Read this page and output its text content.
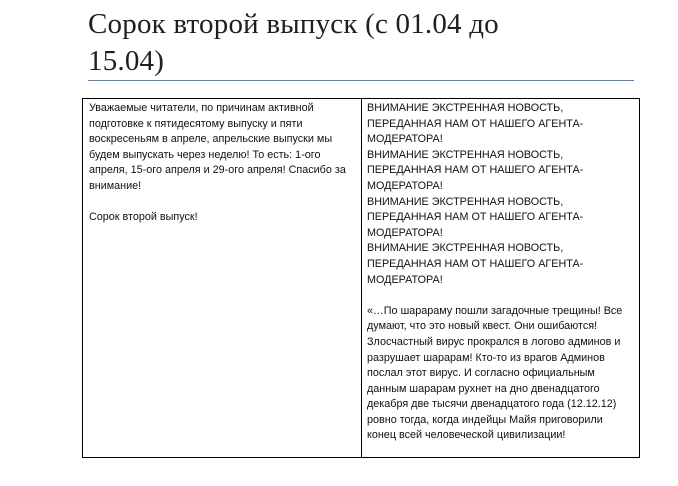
Сорок второй выпуск (с 01.04 до
15.04)

Уважаемые читатели, по причинам активной подготовке к пятидесятому выпуску и пяти воскресеньям в апреле, апрельские выпуски мы будем выпускать через неделю! То есть: 1-ого апреля, 15-ого апреля и 29-ого апреля! Спасибо за внимание!

Сорок второй выпуск!

ВНИМАНИЕ ЭКСТРЕННАЯ НОВОСТЬ, ПЕРЕДАННАЯ НАМ ОТ НАШЕГО АГЕНТА-МОДЕРАТОРА!

ВНИМАНИЕ ЭКСТРЕННАЯ НОВОСТЬ, ПЕРЕДАННАЯ НАМ ОТ НАШЕГО АГЕНТА-МОДЕРАТОРА!

ВНИМАНИЕ ЭКСТРЕННАЯ НОВОСТЬ, ПЕРЕДАННАЯ НАМ ОТ НАШЕГО АГЕНТА-МОДЕРАТОРА!

ВНИМАНИЕ ЭКСТРЕННАЯ НОВОСТЬ, ПЕРЕДАННАЯ НАМ ОТ НАШЕГО АГЕНТА-МОДЕРАТОРА!

«…По шарараму пошли загадочные трещины! Все думают, что это новый квест. Они ошибаются! Злосчастный вирус прокрался в логово админов и разрушает шарарам! Кто-то из врагов Админов послал этот вирус. И согласно официальным данным шарарам рухнет на дно двенадцатого декабря две тысячи двенадцатого года (12.12.12) ровно тогда, когда индейцы Майя приговорили конец всей человеческой цивилизации!
